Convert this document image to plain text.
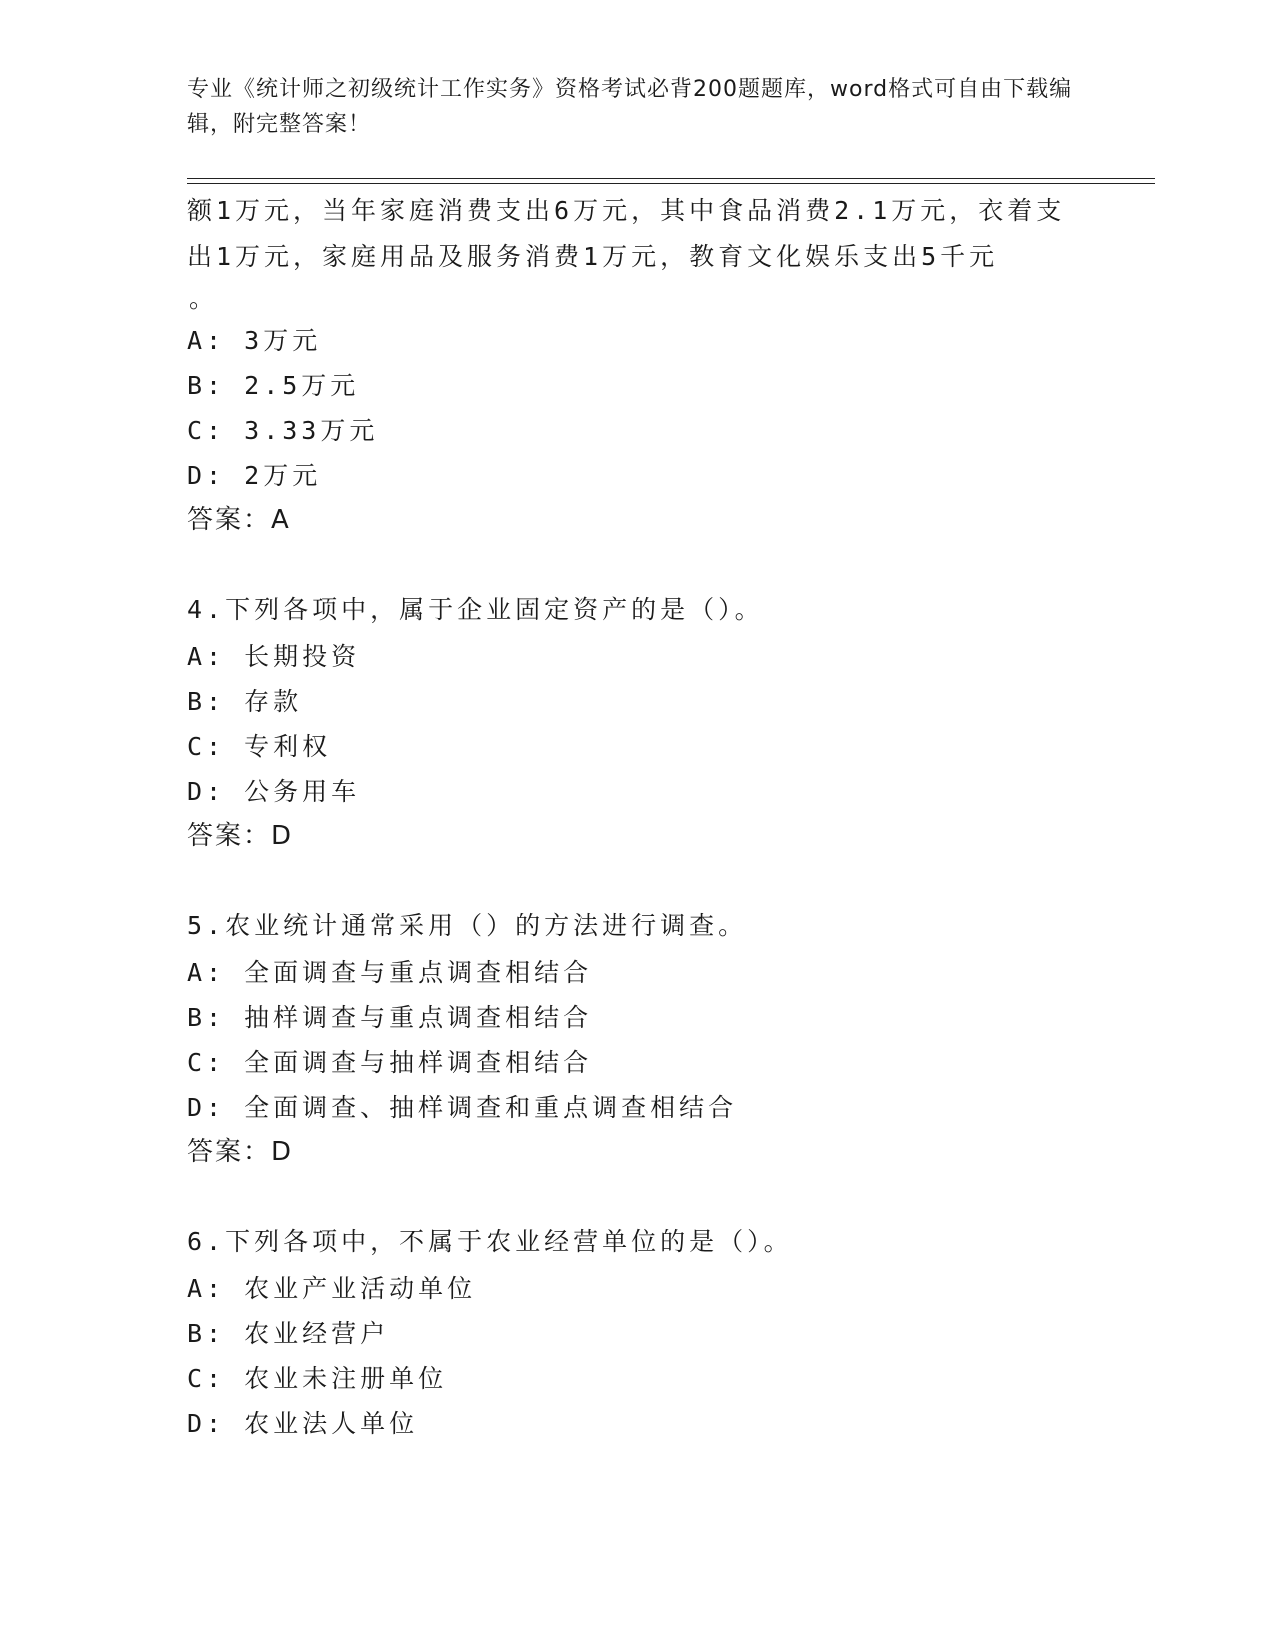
专业《统计师之初级统计工作实务》资格考试必背200题题库，word格式可自由下载编辑，附完整答案！

额1万元，当年家庭消费支出6万元，其中食品消费2.1万元，衣着支出1万元，家庭用品及服务消费1万元，教育文化娱乐支出5千元

。

A: 3万元
B: 2.5万元
C: 3.33万元
D: 2万元
答案：A
4.下列各项中，属于企业固定资产的是（）。
A: 长期投资
B: 存款
C: 专利权
D: 公务用车
答案：D
5.农业统计通常采用（）的方法进行调查。
A: 全面调查与重点调查相结合
B: 抽样调查与重点调查相结合
C: 全面调查与抽样调查相结合
D: 全面调查、抽样调查和重点调查相结合
答案：D
6.下列各项中，不属于农业经营单位的是（）。
A: 农业产业活动单位
B: 农业经营户
C: 农业未注册单位
D: 农业法人单位
